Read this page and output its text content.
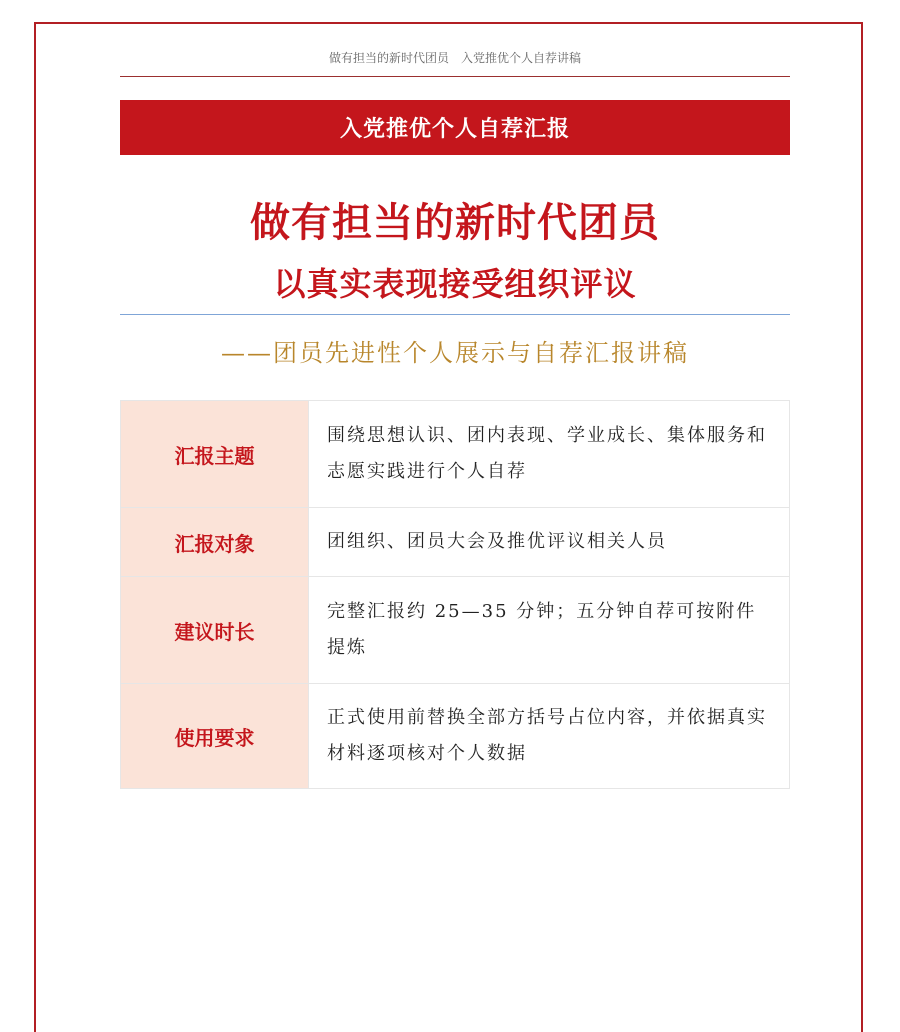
做有担当的新时代团员　入党推优个人自荐讲稿
入党推优个人自荐汇报
做有担当的新时代团员
以真实表现接受组织评议
——团员先进性个人展示与自荐汇报讲稿
汇报主题
围绕思想认识、团内表现、学业成长、集体服务和志愿实践进行个人自荐
汇报对象	团组织、团员大会及推优评议相关人员
建议时长
完整汇报约 25—35 分钟；五分钟自荐可按附件提炼
使用要求
正式使用前替换全部方括号占位内容，并依据真实材料逐项核对个人数据
